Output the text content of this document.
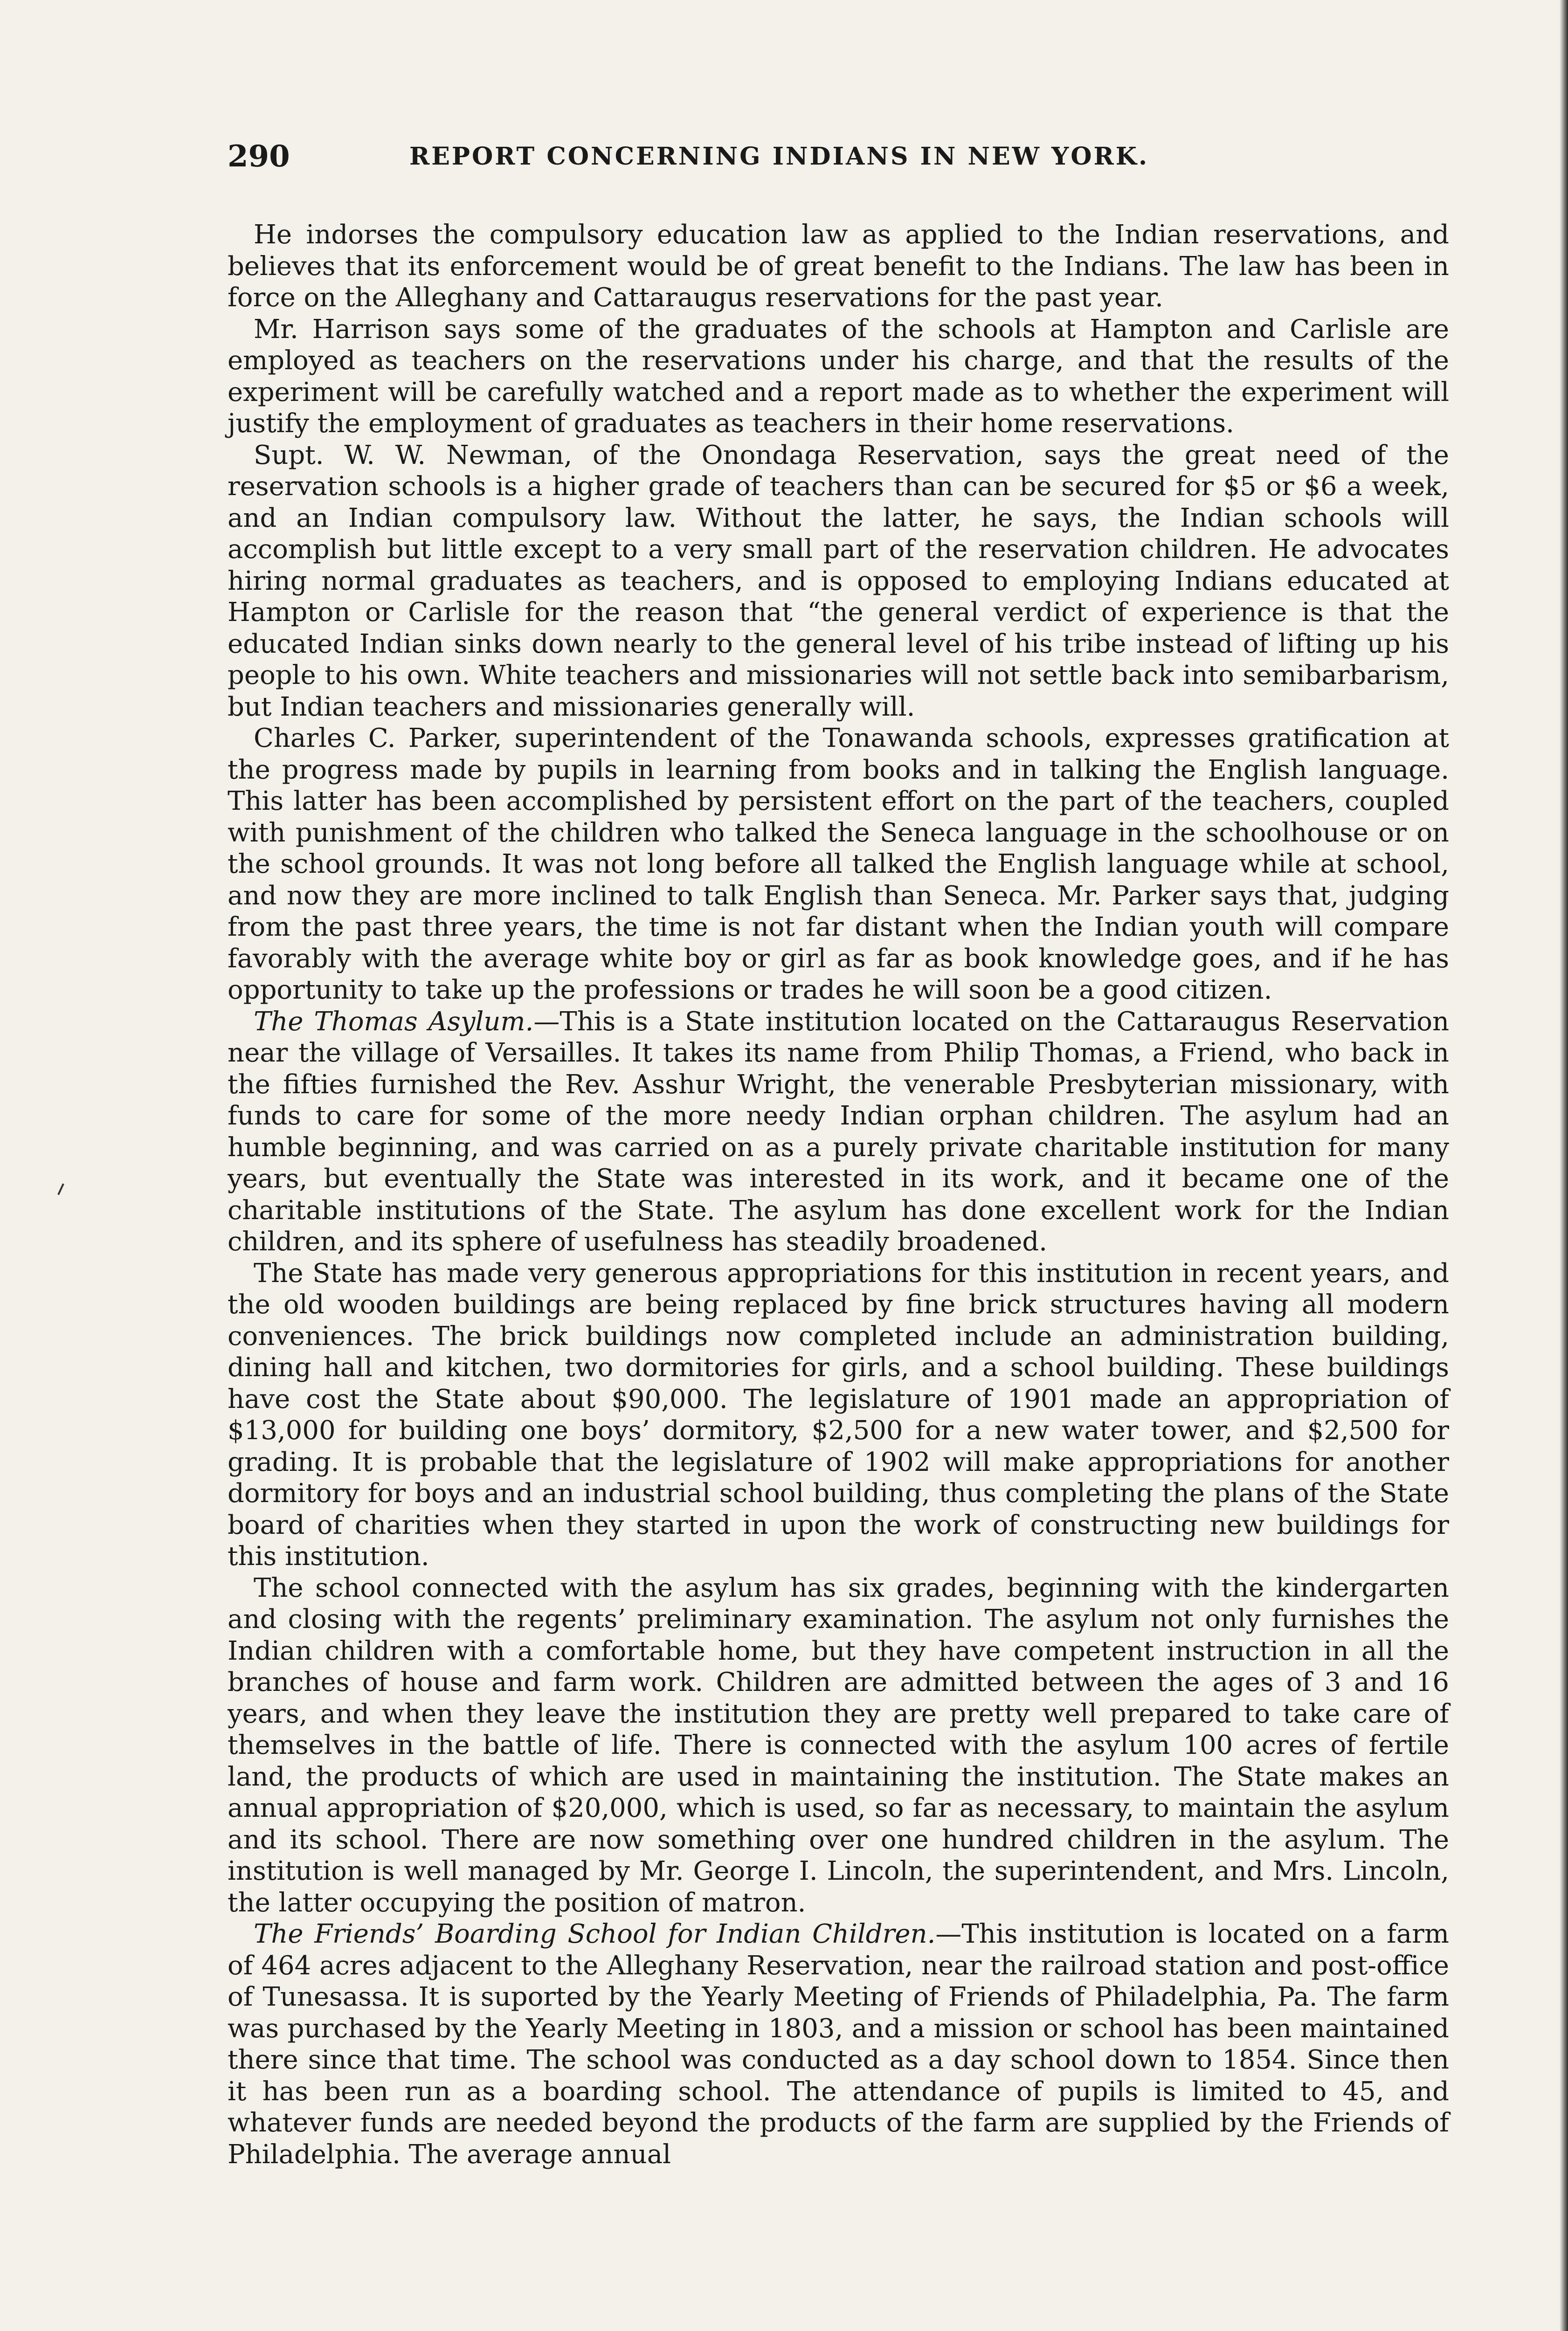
290	REPORT CONCERNING INDIANS IN NEW YORK.

He indorses the compulsory education law as applied to the Indian reservations, and believes that its enforcement would be of great benefit to the Indians. The law has been in force on the Alleghany and Cattaraugus reservations for the past year.

Mr. Harrison says some of the graduates of the schools at Hampton and Carlisle are employed as teachers on the reservations under his charge, and that the results of the experiment will be carefully watched and a report made as to whether the experiment will justify the employment of graduates as teachers in their home reservations.

Supt. W. W. Newman, of the Onondaga Reservation, says the great need of the reservation schools is a higher grade of teachers than can be secured for $5 or $6 a week, and an Indian compulsory law. Without the latter, he says, the Indian schools will accomplish but little except to a very small part of the reservation children. He advocates hiring normal graduates as teachers, and is opposed to employing Indians educated at Hampton or Carlisle for the reason that “the general verdict of experience is that the educated Indian sinks down nearly to the general level of his tribe instead of lifting up his people to his own. White teachers and missionaries will not settle back into semibarbarism, but Indian teachers and missionaries generally will.

Charles C. Parker, superintendent of the Tonawanda schools, expresses gratification at the progress made by pupils in learning from books and in talking the English language. This latter has been accomplished by persistent effort on the part of the teachers, coupled with punishment of the children who talked the Seneca language in the schoolhouse or on the school grounds. It was not long before all talked the English language while at school, and now they are more inclined to talk English than Seneca. Mr. Parker says that, judging from the past three years, the time is not far distant when the Indian youth will compare favorably with the average white boy or girl as far as book knowledge goes, and if he has opportunity to take up the professions or trades he will soon be a good citizen.

The Thomas Asylum.—This is a State institution located on the Cattaraugus Reservation near the village of Versailles. It takes its name from Philip Thomas, a Friend, who back in the fifties furnished the Rev. Asshur Wright, the venerable Presbyterian missionary, with funds to care for some of the more needy Indian orphan children. The asylum had an humble beginning, and was carried on as a purely private charitable institution for many years, but eventually the State was interested in its work, and it became one of the charitable institutions of the State. The asylum has done excellent work for the Indian children, and its sphere of usefulness has steadily broadened.

The State has made very generous appropriations for this institution in recent years, and the old wooden buildings are being replaced by fine brick structures having all modern conveniences. The brick buildings now completed include an administration building, dining hall and kitchen, two dormitories for girls, and a school building. These buildings have cost the State about $90,000. The legislature of 1901 made an appropriation of $13,000 for building one boys’ dormitory, $2,500 for a new water tower, and $2,500 for grading. It is probable that the legislature of 1902 will make appropriations for another dormitory for boys and an industrial school building, thus completing the plans of the State board of charities when they started in upon the work of constructing new buildings for this institution.

The school connected with the asylum has six grades, beginning with the kindergarten and closing with the regents’ preliminary examination. The asylum not only furnishes the Indian children with a comfortable home, but they have competent instruction in all the branches of house and farm work. Children are admitted between the ages of 3 and 16 years, and when they leave the institution they are pretty well prepared to take care of themselves in the battle of life. There is connected with the asylum 100 acres of fertile land, the products of which are used in maintaining the institution. The State makes an annual appropriation of $20,000, which is used, so far as necessary, to maintain the asylum and its school. There are now something over one hundred children in the asylum. The institution is well managed by Mr. George I. Lincoln, the superintendent, and Mrs. Lincoln, the latter occupying the position of matron.

The Friends’ Boarding School for Indian Children.—This institution is located on a farm of 464 acres adjacent to the Alleghany Reservation, near the railroad station and post-office of Tunesassa. It is suported by the Yearly Meeting of Friends of Philadelphia, Pa. The farm was purchased by the Yearly Meeting in 1803, and a mission or school has been maintained there since that time. The school was conducted as a day school down to 1854. Since then it has been run as a boarding school. The attendance of pupils is limited to 45, and whatever funds are needed beyond the products of the farm are supplied by the Friends of Philadelphia. The average annual
